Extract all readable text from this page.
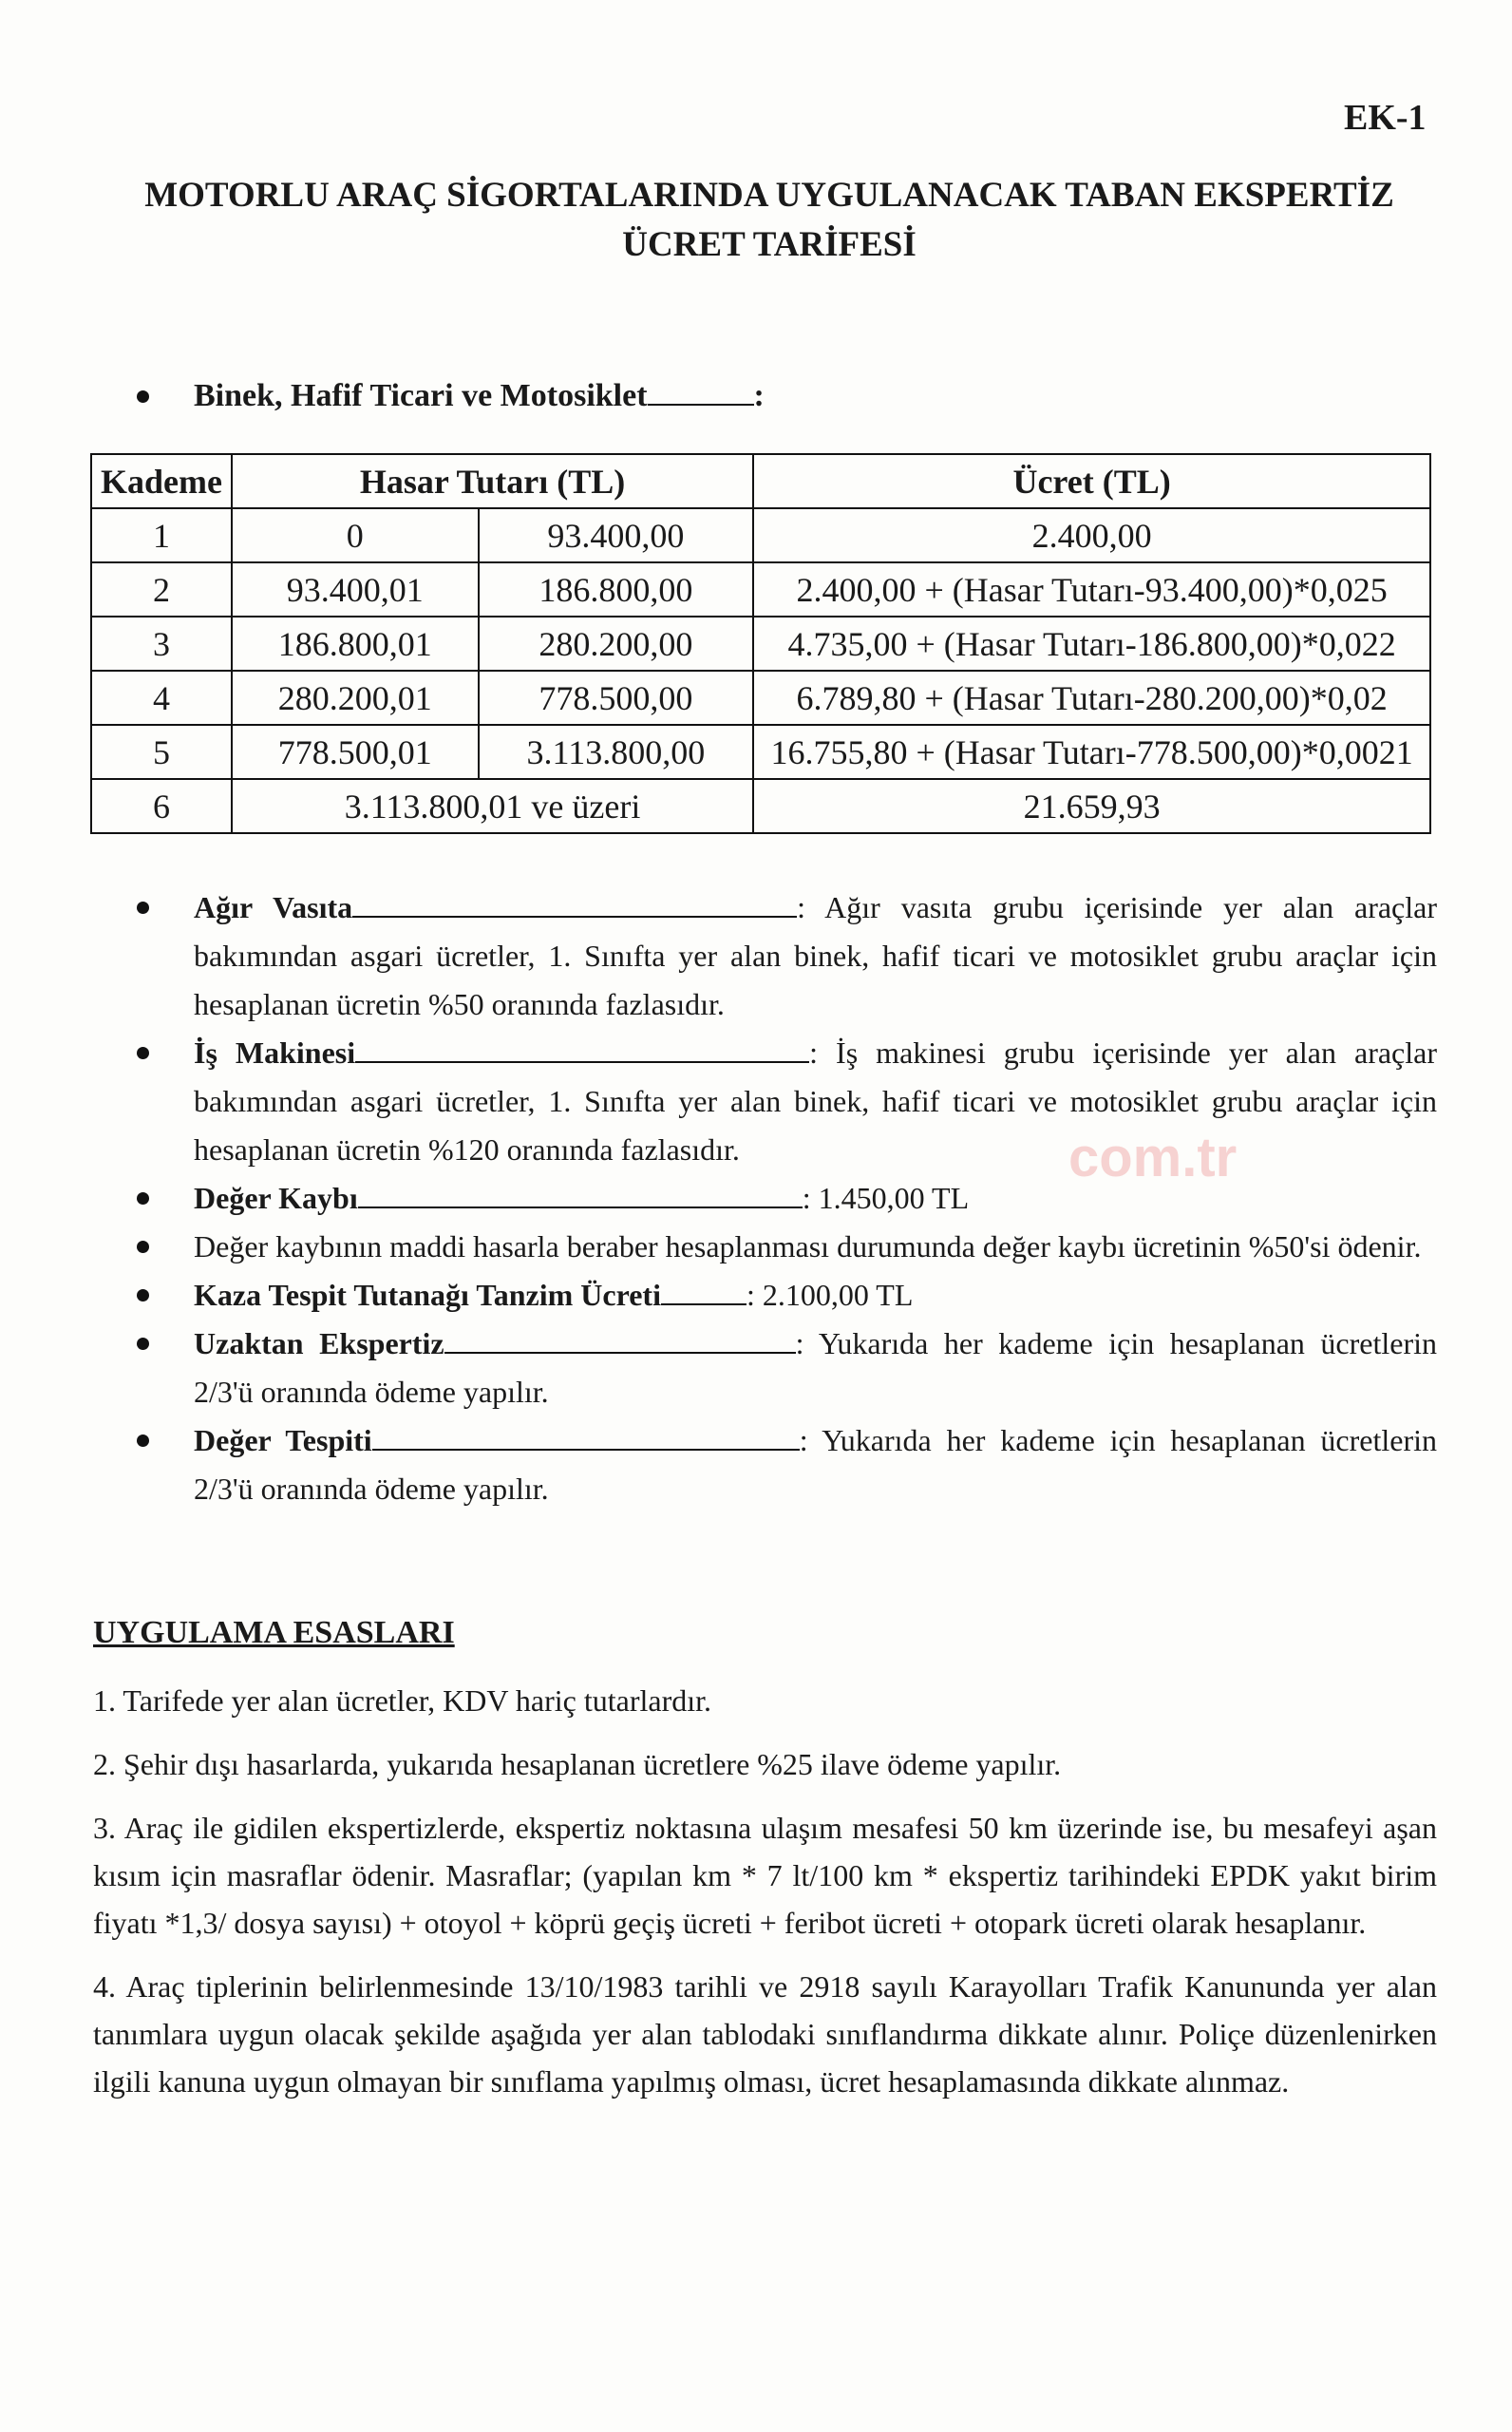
EK-1
MOTORLU ARAÇ SİGORTALARINDA UYGULANACAK TABAN EKSPERTİZ ÜCRET TARİFESİ
Binek, Hafif Ticari ve Motosiklet	:
Kademe	Hasar Tutarı (TL)		Ücret (TL)
1	0	93.400,00	2.400,00
2	93.400,01	186.800,00	2.400,00 + (Hasar Tutarı-93.400,00)*0,025
3	186.800,01	280.200,00	4.735,00 + (Hasar Tutarı-186.800,00)*0,022
4	280.200,01	778.500,00	6.789,80 + (Hasar Tutarı-280.200,00)*0,02
5	778.500,01	3.113.800,00	16.755,80 + (Hasar Tutarı-778.500,00)*0,0021
6	3.113.800,01 ve üzeri		21.659,93
Ağır Vasıta	: Ağır vasıta grubu içerisinde yer alan araçlar bakımından asgari ücretler, 1. Sınıfta yer alan binek, hafif ticari ve motosiklet grubu araçlar için hesaplanan ücretin %50 oranında fazlasıdır.
İş Makinesi	: İş makinesi grubu içerisinde yer alan araçlar bakımından asgari ücretler, 1. Sınıfta yer alan binek, hafif ticari ve motosiklet grubu araçlar için hesaplanan ücretin %120 oranında fazlasıdır.
Değer Kaybı	: 1.450,00 TL
Değer kaybının maddi hasarla beraber hesaplanması durumunda değer kaybı ücretinin %50'si ödenir.
Kaza Tespit Tutanağı Tanzim Ücreti	: 2.100,00 TL
Uzaktan Ekspertiz	: Yukarıda her kademe için hesaplanan ücretlerin 2/3'ü oranında ödeme yapılır.
Değer Tespiti	: Yukarıda her kademe için hesaplanan ücretlerin 2/3'ü oranında ödeme yapılır.
com.tr
UYGULAMA ESASLARI

1. Tarifede yer alan ücretler, KDV hariç tutarlardır.

2. Şehir dışı hasarlarda, yukarıda hesaplanan ücretlere %25 ilave ödeme yapılır.

3. Araç ile gidilen ekspertizlerde, ekspertiz noktasına ulaşım mesafesi 50 km üzerinde ise, bu mesafeyi aşan kısım için masraflar ödenir. Masraflar; (yapılan km * 7 lt/100 km * ekspertiz tarihindeki EPDK yakıt birim fiyatı *1,3/ dosya sayısı) + otoyol + köprü geçiş ücreti + feribot ücreti + otopark ücreti olarak hesaplanır.

4. Araç tiplerinin belirlenmesinde 13/10/1983 tarihli ve 2918 sayılı Karayolları Trafik Kanununda yer alan tanımlara uygun olacak şekilde aşağıda yer alan tablodaki sınıflandırma dikkate alınır. Poliçe düzenlenirken ilgili kanuna uygun olmayan bir sınıflama yapılmış olması, ücret hesaplamasında dikkate alınmaz.
